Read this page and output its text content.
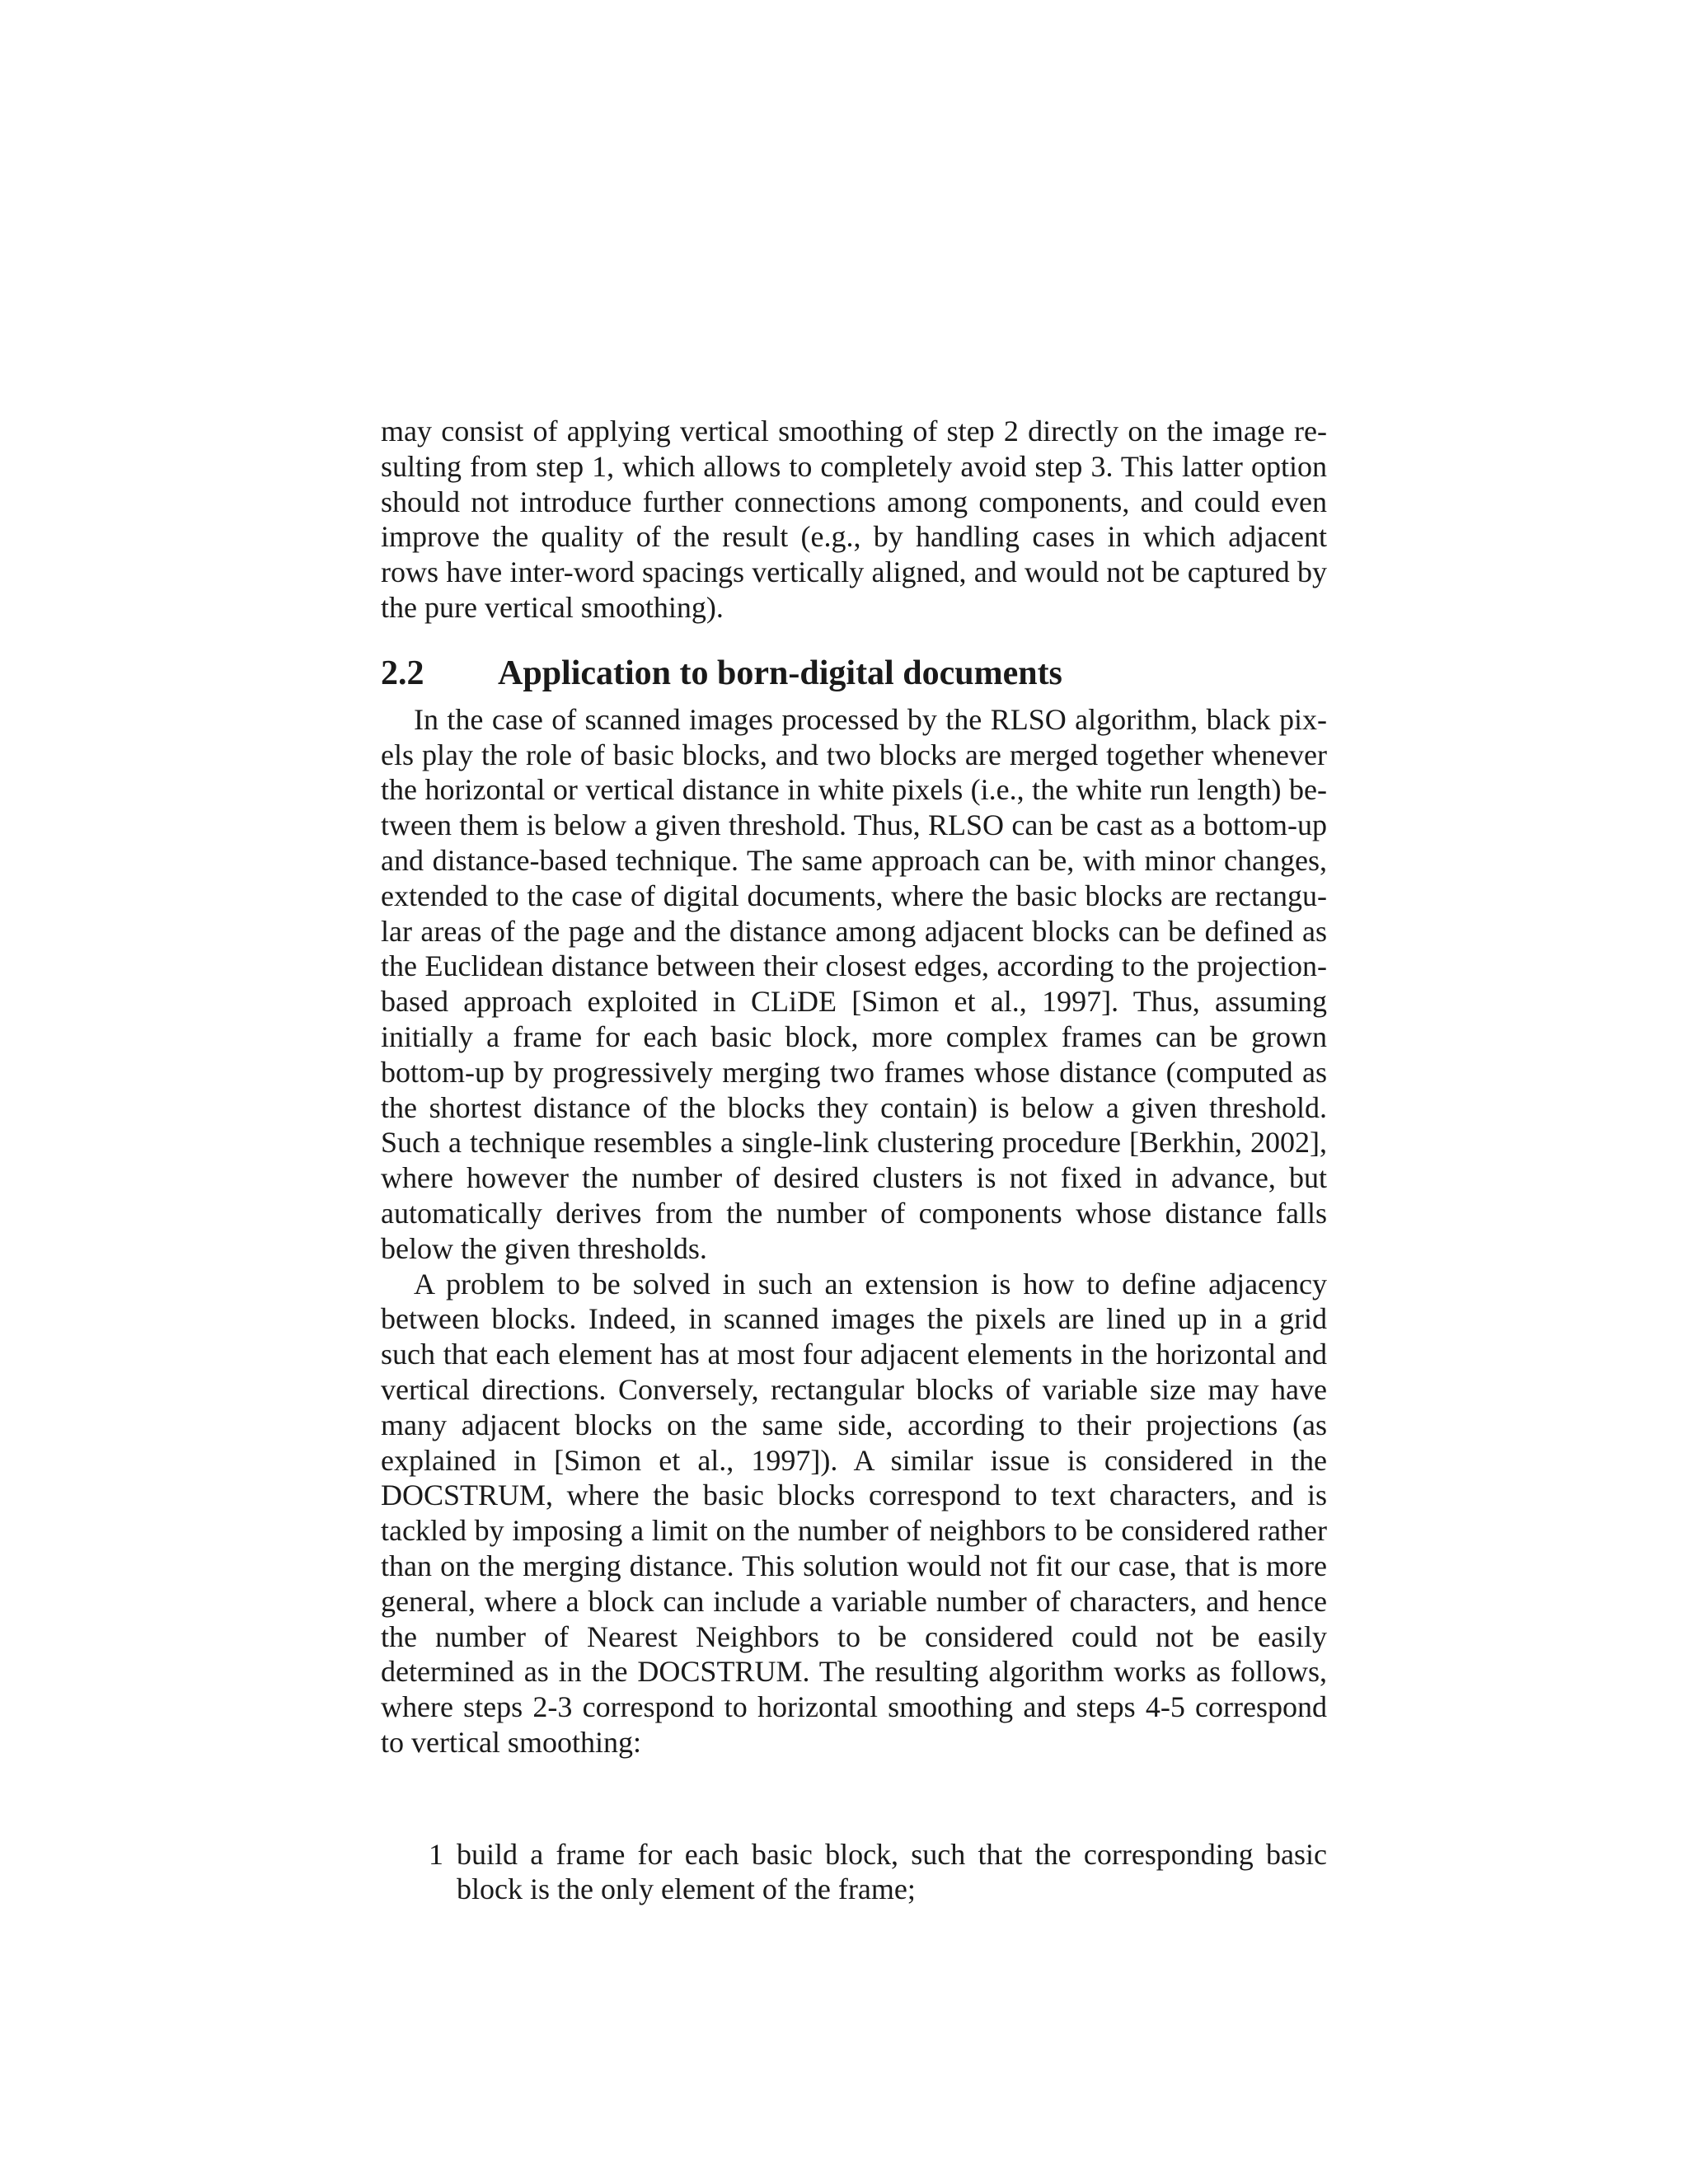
may consist of applying vertical smoothing of step 2 directly on the image resulting from step 1, which allows to completely avoid step 3. This latter option should not introduce further connections among components, and could even improve the quality of the result (e.g., by handling cases in which adjacent rows have inter-word spacings vertically aligned, and would not be captured by the pure vertical smoothing).

2.2	Application to born-digital documents

In the case of scanned images processed by the RLSO algorithm, black pixels play the role of basic blocks, and two blocks are merged together whenever the horizontal or vertical distance in white pixels (i.e., the white run length) between them is below a given threshold. Thus, RLSO can be cast as a bottom-up and distance-based technique. The same approach can be, with minor changes, extended to the case of digital documents, where the basic blocks are rectangular areas of the page and the distance among adjacent blocks can be defined as the Euclidean distance between their closest edges, according to the projection-based approach exploited in CLiDE [Simon et al., 1997]. Thus, assuming initially a frame for each basic block, more complex frames can be grown bottom-up by progressively merging two frames whose distance (computed as the shortest distance of the blocks they contain) is below a given threshold. Such a technique resembles a single-link clustering procedure [Berkhin, 2002], where however the number of desired clusters is not fixed in advance, but automatically derives from the number of components whose distance falls below the given thresholds.

A problem to be solved in such an extension is how to define adjacency between blocks. Indeed, in scanned images the pixels are lined up in a grid such that each element has at most four adjacent elements in the horizontal and vertical directions. Conversely, rectangular blocks of variable size may have many adjacent blocks on the same side, according to their projections (as explained in [Simon et al., 1997]). A similar issue is considered in the DOCSTRUM, where the basic blocks correspond to text characters, and is tackled by imposing a limit on the number of neighbors to be considered rather than on the merging distance. This solution would not fit our case, that is more general, where a block can include a variable number of characters, and hence the number of Nearest Neighbors to be considered could not be easily determined as in the DOCSTRUM. The resulting algorithm works as follows, where steps 2-3 correspond to horizontal smoothing and steps 4-5 correspond to vertical smoothing:

1 build a frame for each basic block, such that the corresponding basic block is the only element of the frame;
